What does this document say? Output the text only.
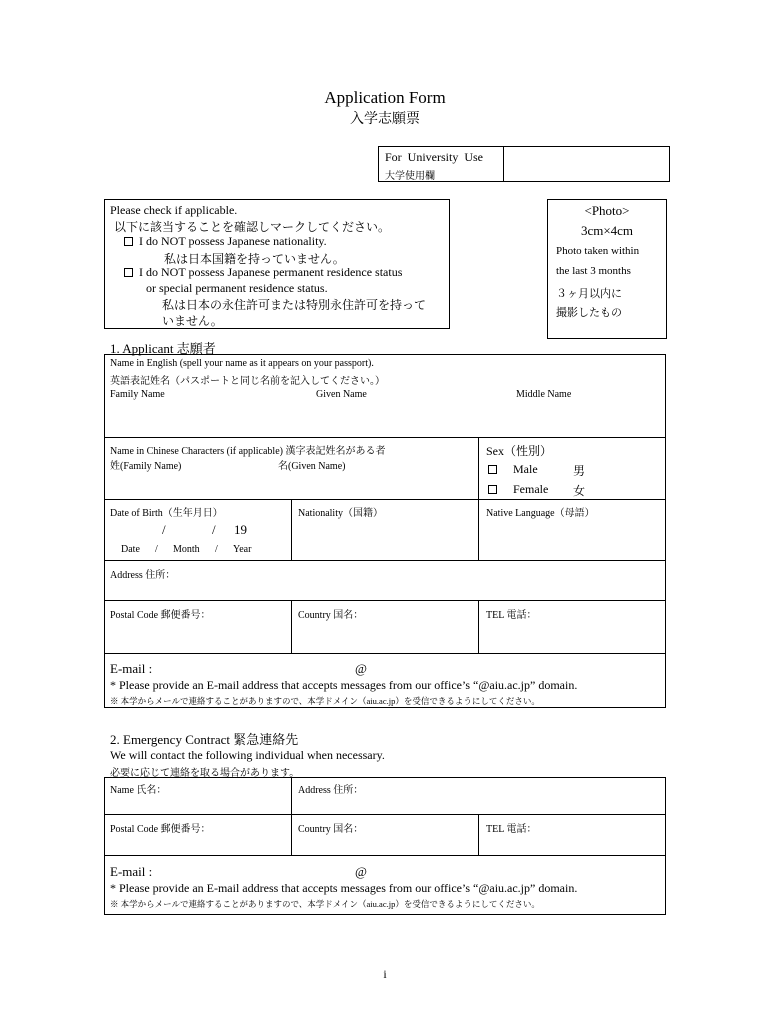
Application Form
入学志願票
For University Use
大学使用欄
Please check if applicable.
以下に該当することを確認しマークしてください。
I do NOT possess Japanese nationality.
私は日本国籍を持っていません。
I do NOT possess Japanese permanent residence status
or special permanent residence status.
私は日本の永住許可または特別永住許可を持って
いません。
<Photo>
3cm×4cm
Photo taken within
the last 3 months
３ヶ月以内に
撮影したもの
1. Applicant 志願者
Name in English (spell your name as it appears on your passport).
英語表記姓名（パスポートと同じ名前を記入してください。）
Family Name	Given Name	Middle Name
Name in Chinese Characters (if applicable) 漢字表記姓名がある者
姓(Family Name)	名(Given Name)
Sex（性別）
Male	男
Female 女
Date of Birth（生年月日）
/	/ 19
Date / Month / Year
Nationality（国籍）	Native Language（母語）
Address 住所：
Postal Code 郵便番号：	Country 国名：	TEL 電話：
E-mail :	@
* Please provide an E-mail address that accepts messages from our office’s “@aiu.ac.jp” domain.
※ 本学からメールで連絡することがありますので、本学ドメイン（aiu.ac.jp）を受信できるようにしてください。
2. Emergency Contract 緊急連絡先
We will contact the following individual when necessary.
必要に応じて連絡を取る場合があります。
Name 氏名：	Address 住所：
Postal Code 郵便番号：	Country 国名：	TEL 電話：
E-mail :	@
* Please provide an E-mail address that accepts messages from our office’s “@aiu.ac.jp” domain.
※ 本学からメールで連絡することがありますので、本学ドメイン（aiu.ac.jp）を受信できるようにしてください。
i
